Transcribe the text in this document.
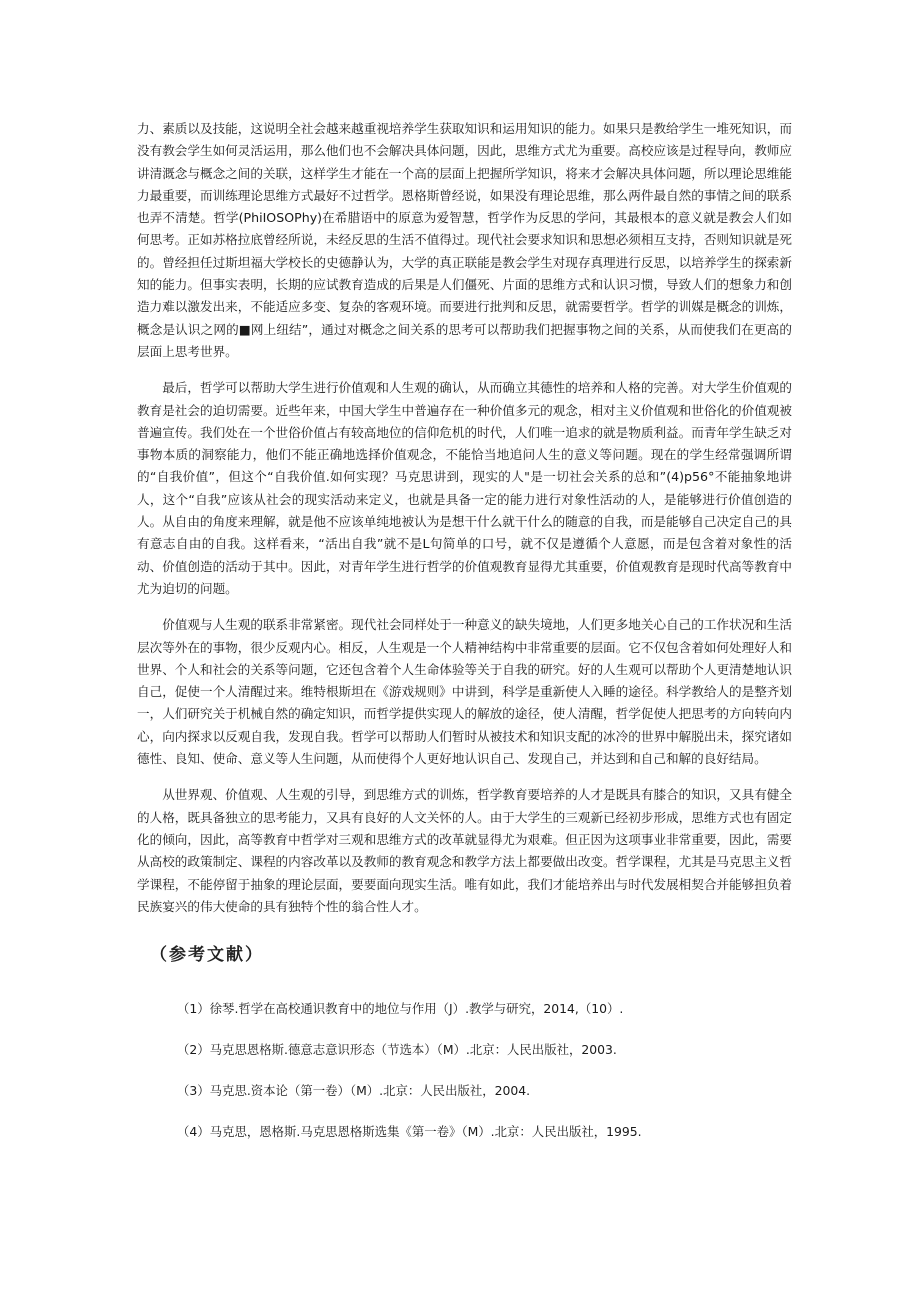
力、素质以及技能，这说明全社会越来越重视培养学生获取知识和运用知识的能力。如果只是教给学生一堆死知识，而没有教会学生如何灵活运用，那么他们也不会解决具体问题，因此，思维方式尤为重要。高校应该是过程导向，教师应讲清溉念与概念之间的关联，这样学生才能在一个高的层面上把握所学知识，将来才会解决具体问题，所以理论思维能力最重要，而训练理论思维方式最好不过哲学。恩格斯曾经说，如果没有理论思维，那么两件最自然的事情之间的联系也弄不清楚。哲学(PhiIOSOPhy)在希腊语中的原意为爱智慧，哲学作为反思的学问，其最根本的意义就是教会人们如何思考。正如苏格拉底曾经所说，未经反思的生活不值得过。现代社会要求知识和思想必须相互支持，否则知识就是死的。曾经担任过斯坦福大学校长的史德静认为，大学的真正联能是教会学生对现存真理进行反思，以培养学生的探索新知的能力。但事实表明，长期的应试教育造成的后果是人们僵死、片面的思维方式和认识习惯，导致人们的想象力和创造力难以激发出来，不能适应多变、复杂的客观环境。而要进行批判和反思，就需要哲学。哲学的训媒是概念的训炼，概念是认识之网的■网上纽结”，通过对概念之间关系的思考可以帮助我们把握事物之间的关系，从而使我们在更高的层面上思考世界。

最后，哲学可以帮助大学生进行价值观和人生观的确认，从而确立其德性的培养和人格的完善。对大学生价值观的教育是社会的迫切需要。近些年来，中国大学生中普遍存在一种价值多元的观念，相对主义价值观和世俗化的价值观被普遍宣传。我们处在一个世俗价值占有较高地位的信仰危机的时代，人们唯一追求的就是物质利益。而青年学生缺乏对事物本质的洞察能力，他们不能正确地选择价值观念，不能恰当地追问人生的意义等问题。现在的学生经常强调所谓的“自我价值”，但这个“自我价值.如何实现？马克思讲到，现实的人"是一切社会关系的总和”(4)p56°不能抽象地讲人，这个“自我”应该从社会的现实活动来定义，也就是具备一定的能力进行对象性活动的人，是能够进行价值创造的人。从自由的角度来理解，就是他不应该单纯地被认为是想干什么就干什么的随意的自我，而是能够自己决定自己的具有意志自由的自我。这样看来，“活出自我”就不是L句简单的口号，就不仅是遵循个人意愿，而是包含着对象性的活动、价值创造的活动于其中。因此，对青年学生进行哲学的价值观教育显得尤其重要，价值观教育是现时代高等教育中尤为迫切的问题。

价值观与人生观的联系非常紧密。现代社会同样处于一种意义的缺失境地，人们更多地关心自己的工作状况和生活层次等外在的事物，很少反观内心。相反，人生观是一个人精神结构中非常重要的层面。它不仅包含着如何处理好人和世界、个人和社会的关系等问题，它还包含着个人生命体验等关于自我的研究。好的人生观可以帮助个人更清楚地认识自己，促使一个人清醒过来。维特根斯坦在《游戏规则》中讲到，科学是重新使人入睡的途径。科学教给人的是整齐划一，人们研究关于机械自然的确定知识，而哲学提供实现人的解放的途径，使人清醒，哲学促使人把思考的方向转向内心，向内探求以反观自我，发现自我。哲学可以帮助人们暂时从被技术和知识支配的冰冷的世界中解脱出未，探究诸如德性、良知、使命、意义等人生问题，从而使得个人更好地认识自己、发现自己，并达到和自己和解的良好结局。

从世界观、价值观、人生观的引导，到思维方式的训炼，哲学教育要培养的人才是既具有膝合的知识，又具有健全的人格，既具备独立的思考能力，又具有良好的人文关怀的人。由于大学生的三观新已经初步形成，思维方式也有固定化的倾向，因此，高等教育中哲学对三观和思维方式的改革就显得尤为艰难。但正因为这项事业非常重要，因此，需要从高校的政策制定、课程的内容改革以及教师的教育观念和教学方法上都要做出改变。哲学课程，尤其是马克思主义哲学课程，不能停留于抽象的理论层面，要要面向现实生活。唯有如此，我们才能培养出与时代发展相契合并能够担负着民族宴兴的伟大使命的具有独特个性的翁合性人才。

（参考文献）
（1）徐琴.哲学在高校通识教育中的地位与作用（J）.教学与研究，2014,（10）.
（2）马克思恩格斯.德意志意识形态（节选本）（M）.北京：人民出版社，2003.
（3）马克思.资本论（第一卷）（M）.北京：人民出版社，2004.
（4）马克思，恩格斯.马克思恩格斯选集《第一卷》（M）.北京：人民出版社，1995.
